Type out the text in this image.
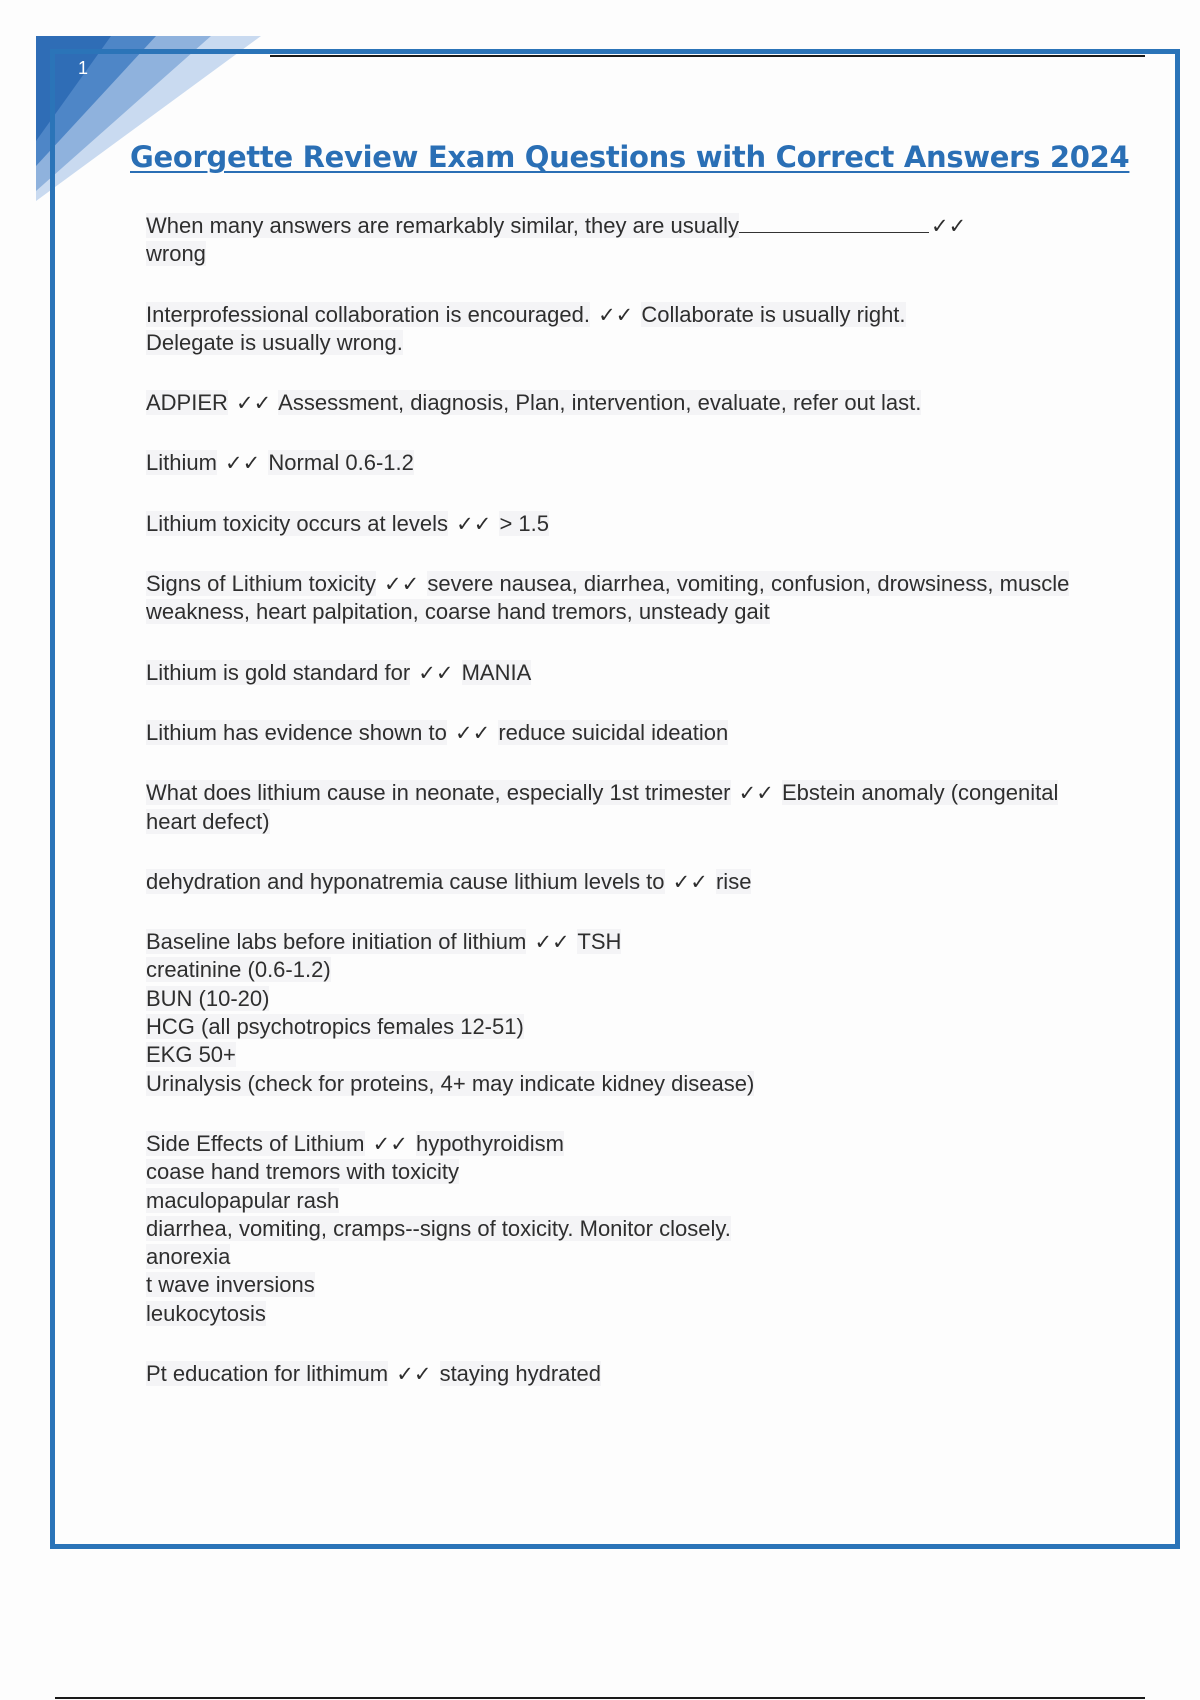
1
Georgette Review Exam Questions with Correct Answers 2024
When many answers are remarkably similar, they are usually	✓✓
wrong
Interprofessional collaboration is encouraged. ✓✓ Collaborate is usually right.
Delegate is usually wrong.
ADPIER ✓✓ Assessment, diagnosis, Plan, intervention, evaluate, refer out last.
Lithium ✓✓ Normal 0.6-1.2
Lithium toxicity occurs at levels ✓✓ > 1.5
Signs of Lithium toxicity ✓✓ severe nausea, diarrhea, vomiting, confusion, drowsiness, muscle weakness, heart palpitation, coarse hand tremors, unsteady gait
Lithium is gold standard for ✓✓ MANIA
Lithium has evidence shown to ✓✓ reduce suicidal ideation
What does lithium cause in neonate, especially 1st trimester ✓✓ Ebstein anomaly (congenital heart defect)
dehydration and hyponatremia cause lithium levels to ✓✓ rise
Baseline labs before initiation of lithium ✓✓ TSH
creatinine (0.6-1.2)
BUN (10-20)
HCG (all psychotropics females 12-51)
EKG 50+
Urinalysis (check for proteins, 4+ may indicate kidney disease)
Side Effects of Lithium ✓✓ hypothyroidism
coase hand tremors with toxicity
maculopapular rash
diarrhea, vomiting, cramps--signs of toxicity. Monitor closely.
anorexia
t wave inversions
leukocytosis
Pt education for lithimum ✓✓ staying hydrated
